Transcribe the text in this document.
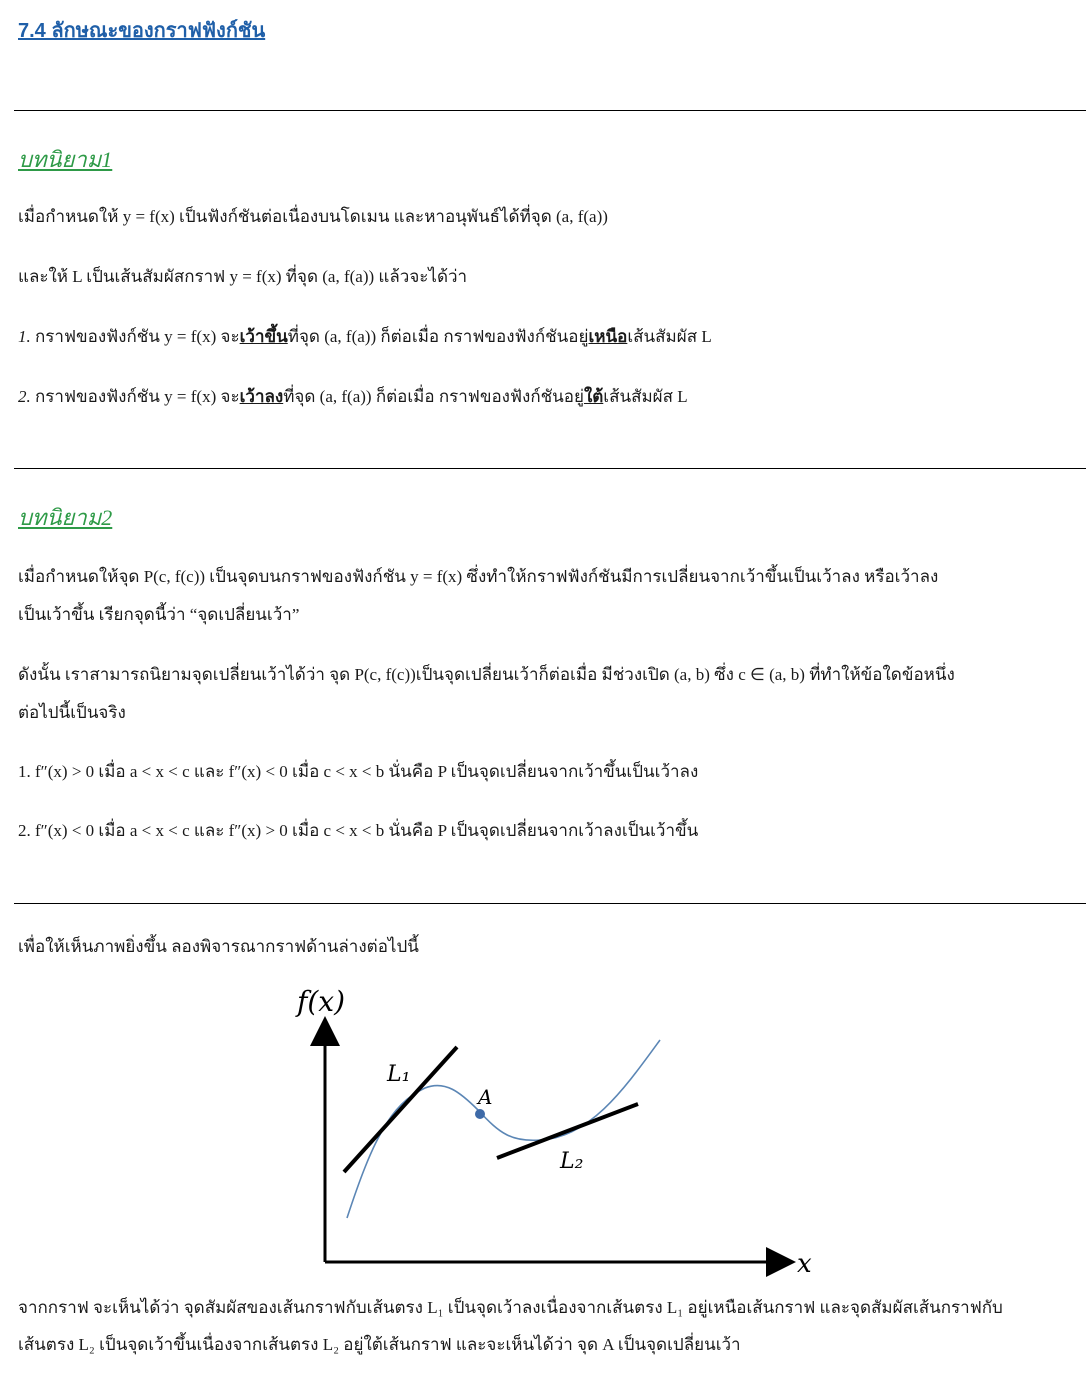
7.4 ลักษณะของกราฟฟังก์ชัน
บทนิยาม1
เมื่อกำหนดให้ y = f(x) เป็นฟังก์ชันต่อเนื่องบนโดเมน และหาอนุพันธ์ได้ที่จุด (a, f(a))
และให้ L เป็นเส้นสัมผัสกราฟ y = f(x) ที่จุด (a, f(a)) แล้วจะได้ว่า
1. กราฟของฟังก์ชัน y = f(x) จะเว้าขึ้นที่จุด (a, f(a)) ก็ต่อเมื่อ กราฟของฟังก์ชันอยู่เหนือเส้นสัมผัส L
2. กราฟของฟังก์ชัน y = f(x) จะเว้าลงที่จุด (a, f(a)) ก็ต่อเมื่อ กราฟของฟังก์ชันอยู่ใต้เส้นสัมผัส L
บทนิยาม2
เมื่อกำหนดให้จุด P(c, f(c)) เป็นจุดบนกราฟของฟังก์ชัน y = f(x) ซึ่งทำให้กราฟฟังก์ชันมีการเปลี่ยนจากเว้าขึ้นเป็นเว้าลง หรือเว้าลง
เป็นเว้าขึ้น เรียกจุดนี้ว่า “จุดเปลี่ยนเว้า”
ดังนั้น เราสามารถนิยามจุดเปลี่ยนเว้าได้ว่า จุด P(c, f(c))เป็นจุดเปลี่ยนเว้าก็ต่อเมื่อ มีช่วงเปิด (a, b) ซึ่ง c ∈ (a, b) ที่ทำให้ข้อใดข้อหนึ่ง
ต่อไปนี้เป็นจริง
1. f″(x) > 0 เมื่อ a < x < c และ f″(x) < 0 เมื่อ c < x < b นั่นคือ P เป็นจุดเปลี่ยนจากเว้าขึ้นเป็นเว้าลง
2. f″(x) < 0 เมื่อ a < x < c และ f″(x) > 0 เมื่อ c < x < b นั่นคือ P เป็นจุดเปลี่ยนจากเว้าลงเป็นเว้าขึ้น
เพื่อให้เห็นภาพยิ่งขึ้น ลองพิจารณากราฟด้านล่างต่อไปนี้
f(x)
x
L₁
L₂
A
จากกราฟ จะเห็นได้ว่า จุดสัมผัสของเส้นกราฟกับเส้นตรง L₁ เป็นจุดเว้าลงเนื่องจากเส้นตรง L₁ อยู่เหนือเส้นกราฟ และจุดสัมผัสเส้นกราฟกับ
เส้นตรง L₂ เป็นจุดเว้าขึ้นเนื่องจากเส้นตรง L₂ อยู่ใต้เส้นกราฟ และจะเห็นได้ว่า จุด A เป็นจุดเปลี่ยนเว้า
